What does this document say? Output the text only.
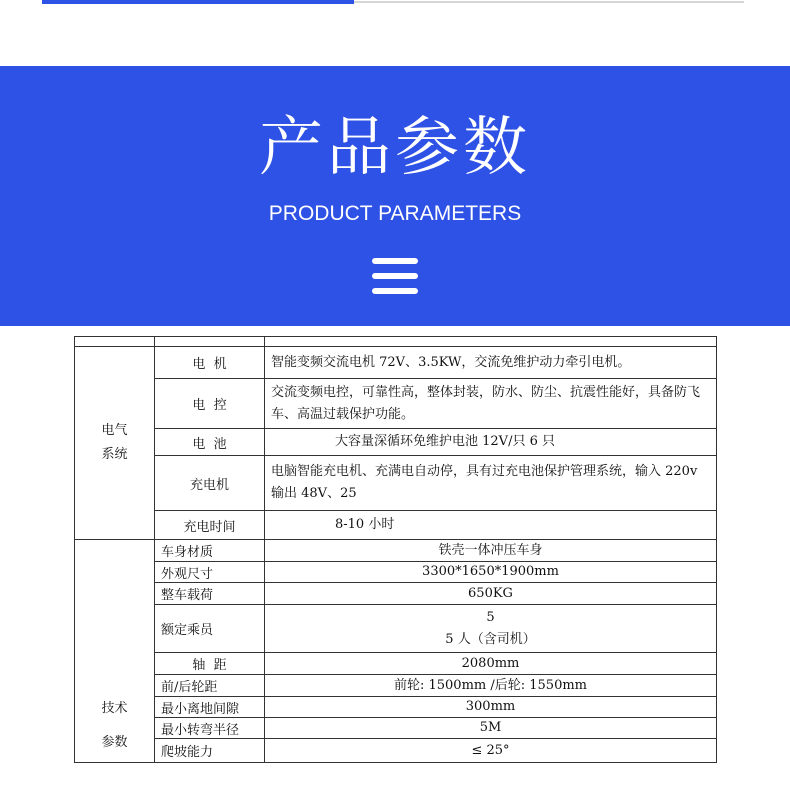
产品参数
PRODUCT PARAMETERS

电气
系统	电  机	智能变频交流电机 72V、3.5KW，交流免维护动力牵引电机。
	电  控	交流变频电控，可靠性高，整体封装，防水、防尘、抗震性能好，具备防飞车、高温过载保护功能。
	电  池	大容量深循环免维护电池 12V/只 6 只
	充电机	电脑智能充电机、充满电自动停，具有过充电池保护管理系统，输入 220v 输出 48V、25
	充电时间	8-10 小时

技术
参数	车身材质	铁壳一体冲压车身
	外观尺寸	3300*1650*1900mm
	整车载荷	650KG
	额定乘员	5
5 人（含司机）

	轴  距	2080mm
	前/后轮距	前轮: 1500mm /后轮: 1550mm
	最小离地间隙	300mm
	最小转弯半径	5M
	爬坡能力	≤ 25°
